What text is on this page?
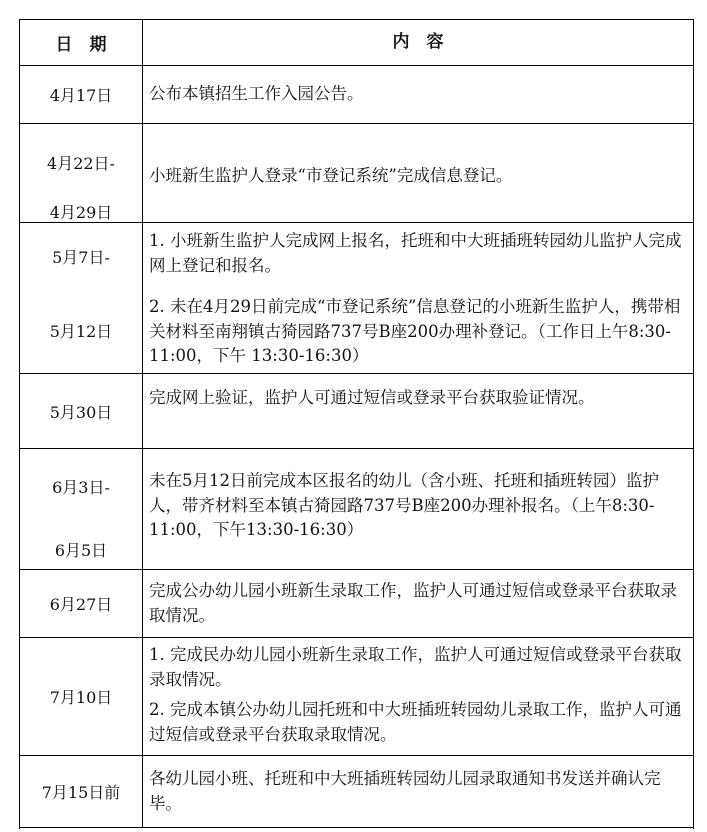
日　期	内　容
4月17日 公布本镇招生工作入园公告。
4月22日-
4月29日
小班新生监护人登录“市登记系统”完成信息登记。
5月7日-
5月12日
1. 小班新生监护人完成网上报名，托班和中大班插班转园幼儿监护人完成网上登记和报名。
2. 未在4月29日前完成“市登记系统”信息登记的小班新生监护人，携带相关材料至南翔镇古猗园路737号B座200办理补登记。（工作日上午8:30-11:00，下午 13:30-16:30）
5月30日
完成网上验证，监护人可通过短信或登录平台获取验证情况。
6月3日-
6月5日
未在5月12日前完成本区报名的幼儿（含小班、托班和插班转园）监护人，带齐材料至本镇古猗园路737号B座200办理补报名。（上午8:30-11:00，下午13:30-16:30）
6月27日
完成公办幼儿园小班新生录取工作，监护人可通过短信或登录平台获取录取情况。
7月10日
1. 完成民办幼儿园小班新生录取工作，监护人可通过短信或登录平台获取录取情况。
2. 完成本镇公办幼儿园托班和中大班插班转园幼儿录取工作，监护人可通过短信或登录平台获取录取情况。
7月15日前
各幼儿园小班、托班和中大班插班转园幼儿园录取通知书发送并确认完毕。
